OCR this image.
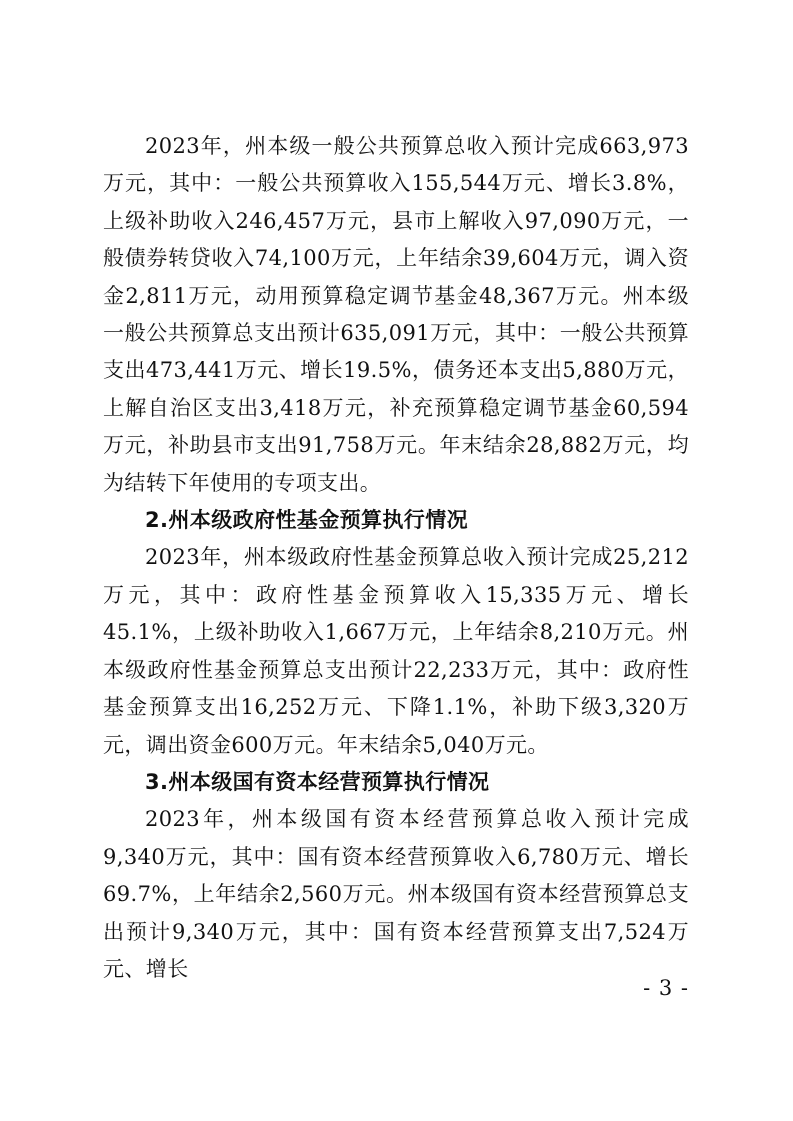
2023年，州本级一般公共预算总收入预计完成663,973万元，其中：一般公共预算收入155,544万元、增长3.8%，上级补助收入246,457万元，县市上解收入97,090万元，一般债券转贷收入74,100万元，上年结余39,604万元，调入资金2,811万元，动用预算稳定调节基金48,367万元。州本级一般公共预算总支出预计635,091万元，其中：一般公共预算支出473,441万元、增长19.5%，债务还本支出5,880万元，上解自治区支出3,418万元，补充预算稳定调节基金60,594万元，补助县市支出91,758万元。年末结余28,882万元，均为结转下年使用的专项支出。

2.州本级政府性基金预算执行情况

2023年，州本级政府性基金预算总收入预计完成25,212万元，其中：政府性基金预算收入15,335万元、增长45.1%，上级补助收入1,667万元，上年结余8,210万元。州本级政府性基金预算总支出预计22,233万元，其中：政府性基金预算支出16,252万元、下降1.1%，补助下级3,320万元，调出资金600万元。年末结余5,040万元。

3.州本级国有资本经营预算执行情况

2023年，州本级国有资本经营预算总收入预计完成9,340万元，其中：国有资本经营预算收入6,780万元、增长69.7%，上年结余2,560万元。州本级国有资本经营预算总支出预计9,340万元，其中：国有资本经营预算支出7,524万元、增长

- 3 -
